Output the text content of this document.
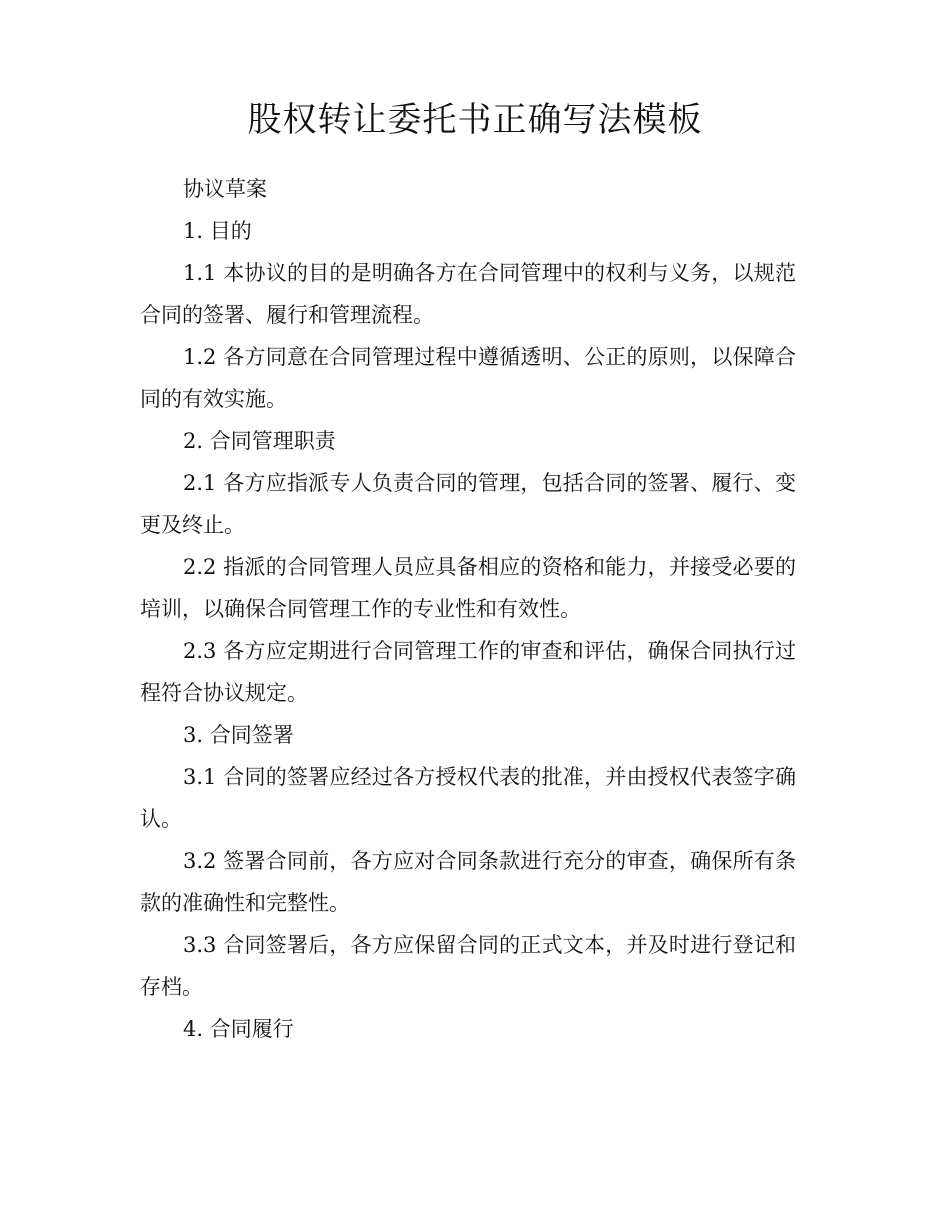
股权转让委托书正确写法模板

协议草案

1. 目的

1.1 本协议的目的是明确各方在合同管理中的权利与义务，以规范合同的签署、履行和管理流程。

1.2 各方同意在合同管理过程中遵循透明、公正的原则，以保障合同的有效实施。

2. 合同管理职责

2.1 各方应指派专人负责合同的管理，包括合同的签署、履行、变更及终止。

2.2 指派的合同管理人员应具备相应的资格和能力，并接受必要的培训，以确保合同管理工作的专业性和有效性。

2.3 各方应定期进行合同管理工作的审查和评估，确保合同执行过程符合协议规定。

3. 合同签署

3.1 合同的签署应经过各方授权代表的批准，并由授权代表签字确认。

3.2 签署合同前，各方应对合同条款进行充分的审查，确保所有条款的准确性和完整性。

3.3 合同签署后，各方应保留合同的正式文本，并及时进行登记和存档。

4. 合同履行
